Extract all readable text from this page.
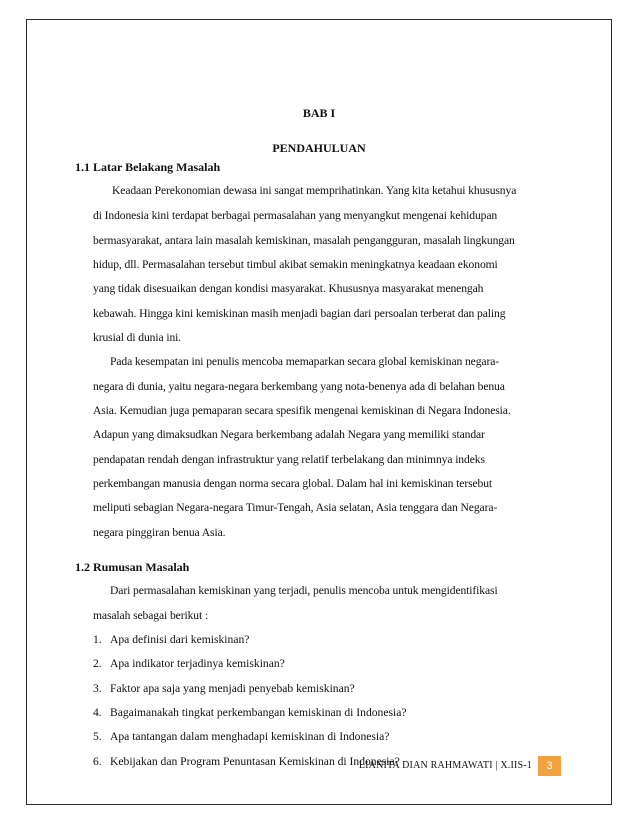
BAB I
PENDAHULUAN
1.1 Latar Belakang Masalah
Keadaan Perekonomian dewasa ini sangat memprihatinkan. Yang kita ketahui khususnya
di Indonesia kini terdapat berbagai permasalahan yang menyangkut mengenai kehidupan
bermasyarakat, antara lain masalah kemiskinan, masalah pengangguran, masalah lingkungan
hidup, dll. Permasalahan tersebut timbul akibat semakin meningkatnya keadaan ekonomi
yang tidak disesuaikan dengan kondisi masyarakat. Khususnya masyarakat menengah
kebawah. Hingga kini kemiskinan masih menjadi bagian dari persoalan terberat dan paling
krusial di dunia ini.
Pada kesempatan ini penulis mencoba memaparkan secara global kemiskinan negara-
negara di dunia, yaitu negara-negara berkembang yang nota-benenya ada di belahan benua
Asia. Kemudian juga pemaparan secara spesifik mengenai kemiskinan di Negara Indonesia.
Adapun yang dimaksudkan Negara berkembang adalah Negara yang memiliki standar
pendapatan rendah dengan infrastruktur yang relatif terbelakang dan minimnya indeks
perkembangan manusia dengan norma secara global. Dalam hal ini kemiskinan tersebut
meliputi sebagian Negara-negara Timur-Tengah, Asia selatan, Asia tenggara dan Negara-
negara pinggiran benua Asia.
1.2 Rumusan Masalah
Dari permasalahan kemiskinan yang terjadi, penulis mencoba untuk mengidentifikasi
masalah sebagai berikut :
1. Apa definisi dari kemiskinan?
2. Apa indikator terjadinya kemiskinan?
3. Faktor apa saja yang menjadi penyebab kemiskinan?
4. Bagaimanakah tingkat perkembangan kemiskinan di Indonesia?
5. Apa tantangan dalam menghadapi kemiskinan di Indonesia?
6. Kebijakan dan Program Penuntasan Kemiskinan di Indonesia?
LIANITA DIAN RAHMAWATI | X.IIS-1	3
